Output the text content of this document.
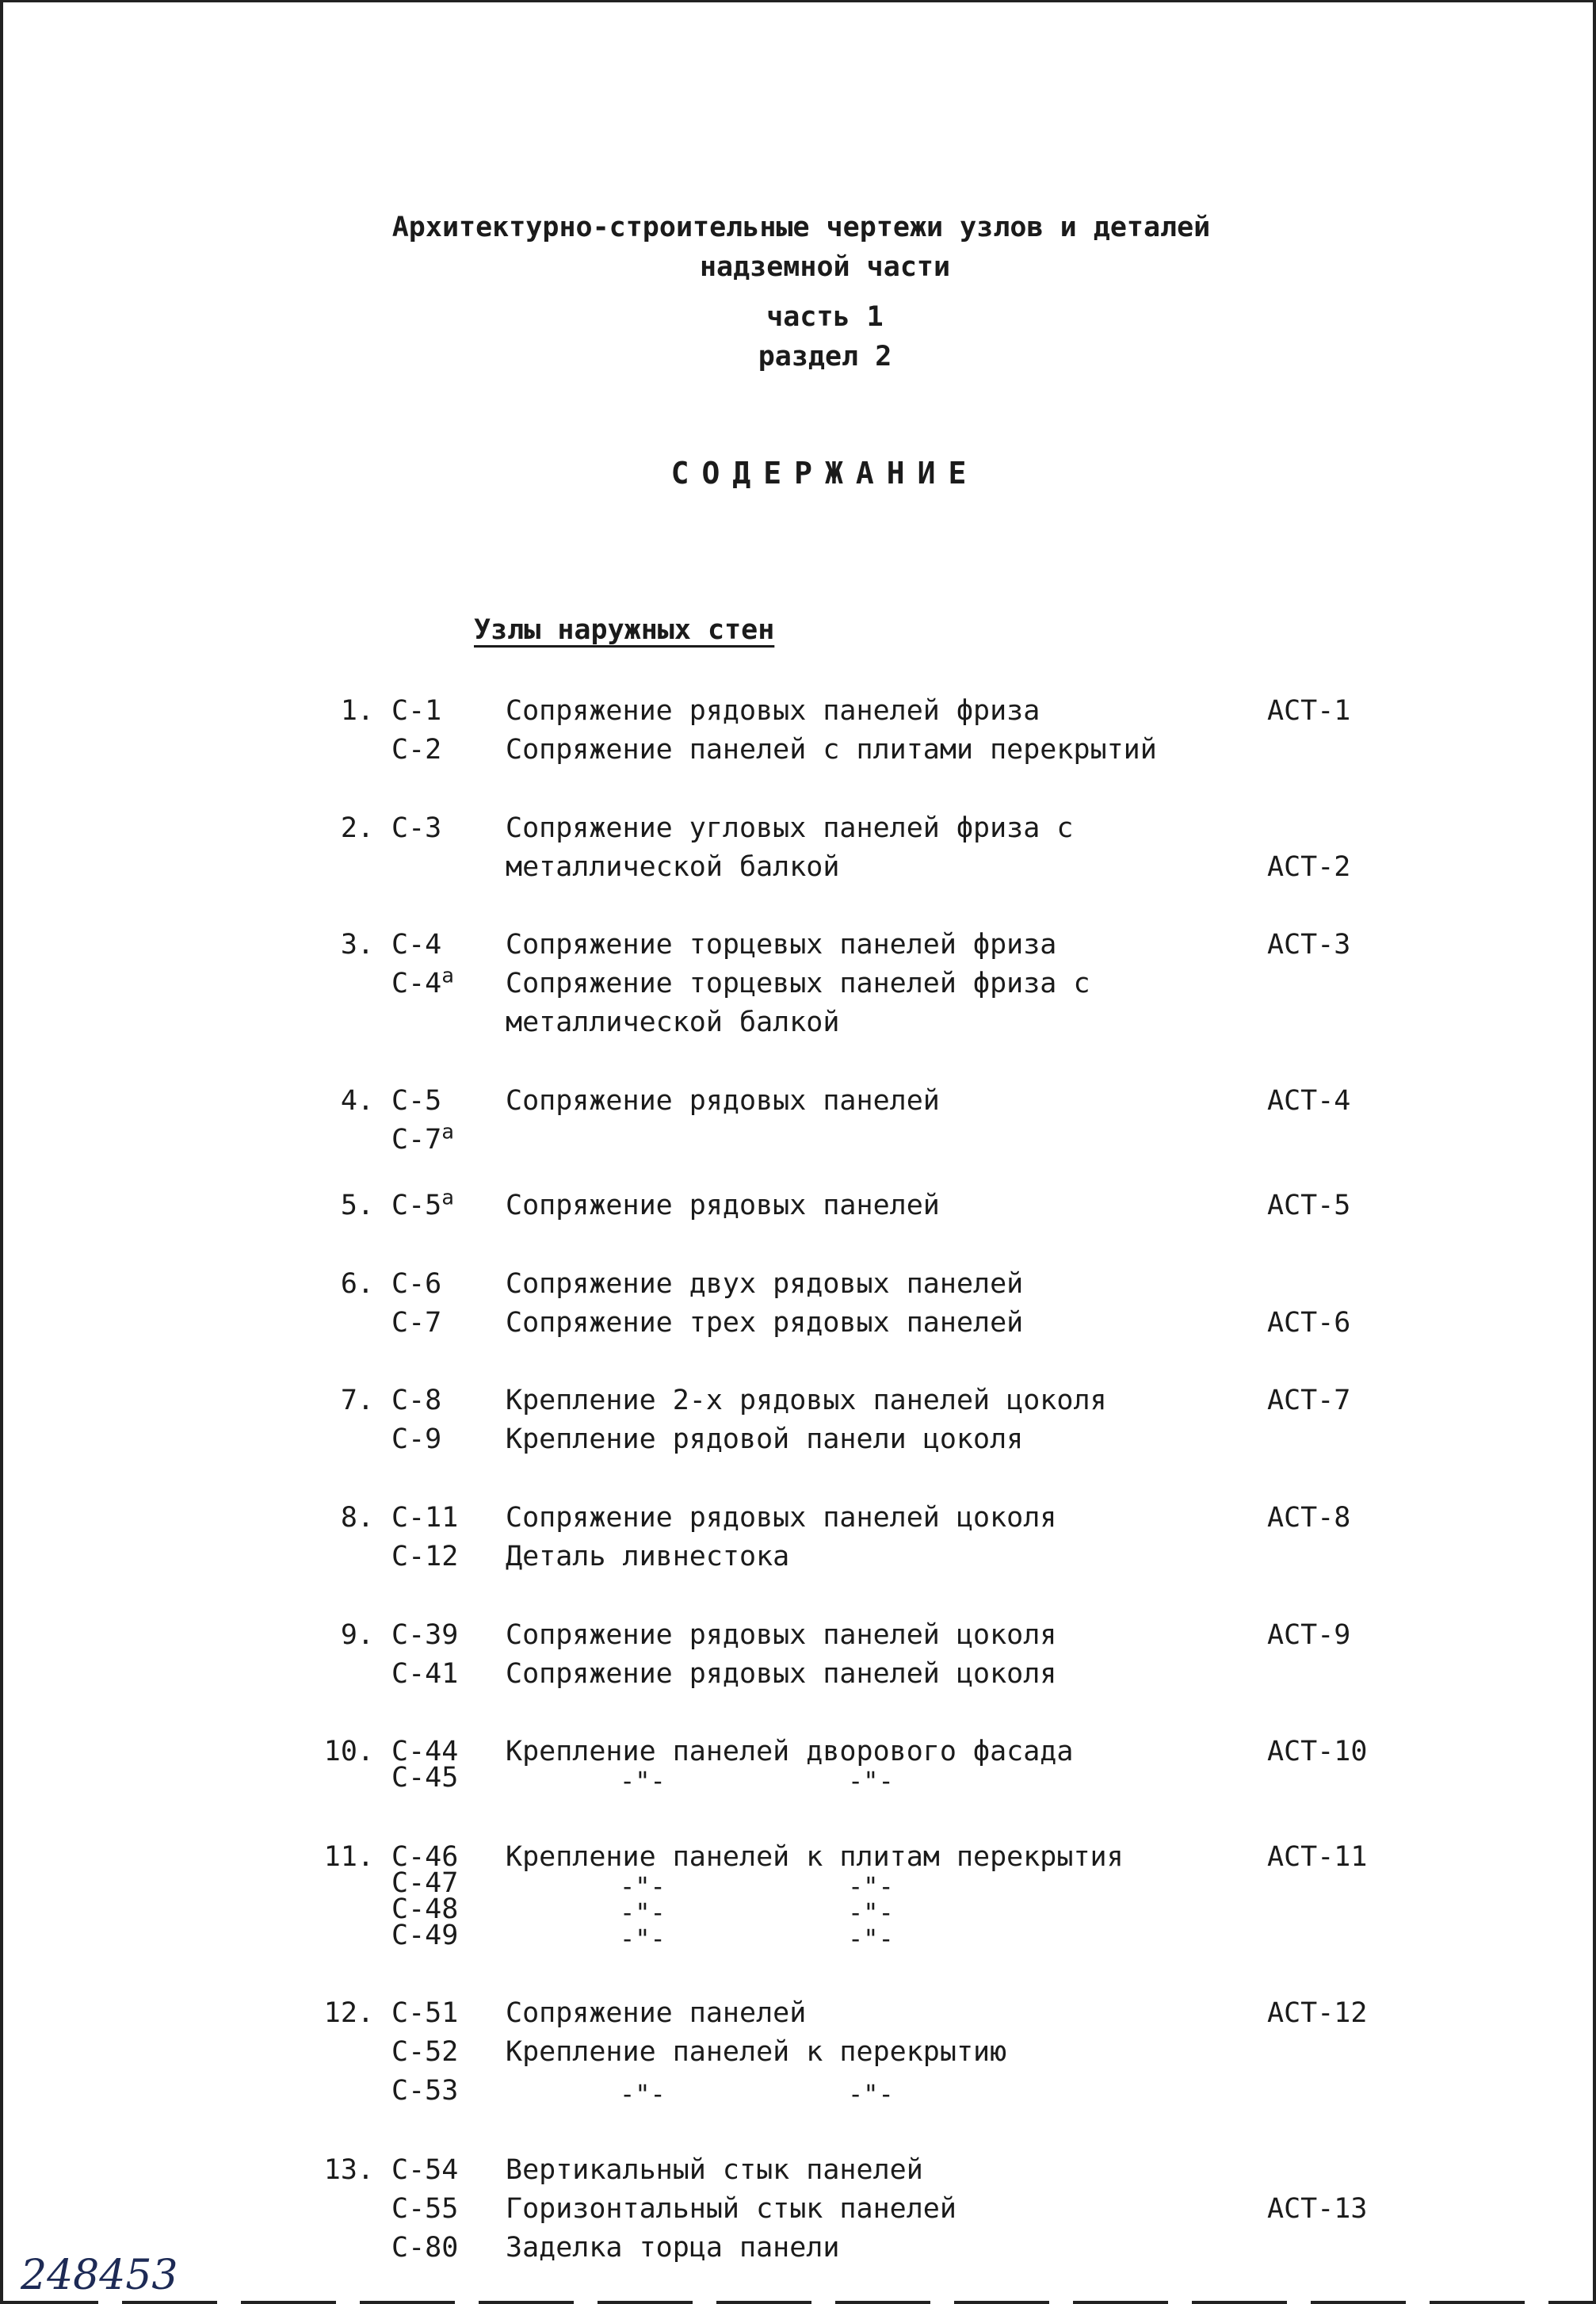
Архитектурно-строительные чертежи узлов и деталей
надземной части
часть 1
раздел 2
СОДЕРЖАНИЕ
Узлы наружных стен
1. С-1 Сопряжение рядовых панелей фриза	АСТ-1
С-2 Сопряжение панелей с плитами перекрытий
2. С-3 Сопряжение угловых панелей фриза с
металлической балкой	АСТ-2
3. С-4 Сопряжение торцевых панелей фриза	АСТ-3
$С-4^а$ Сопряжение торцевых панелей фриза с
металлической балкой
4. С-5 Сопряжение рядовых панелей	АСТ-4
$С-7^а$
5. $С-5^а$ Сопряжение рядовых панелей	АСТ-5
6. С-6 Сопряжение двух рядовых панелей
С-7 Сопряжение трех рядовых панелей	АСТ-6
7. С-8 Крепление 2-х рядовых панелей цоколя	АСТ-7
С-9 Крепление рядовой панели цоколя
8. С-11 Сопряжение рядовых панелей цоколя	АСТ-8
С-12 Деталь ливнестока
9. С-39 Сопряжение рядовых панелей цоколя	АСТ-9
С-41 Сопряжение рядовых панелей цоколя
10. С-44 Крепление панелей дворового фасада	АСТ-10
С-45	-"-	-"-
11. С-46 Крепление панелей к плитам перекрытия	АСТ-11
С-47	-"-	-"-
С-48	-"-	-"-
С-49	-"-	-"-
12. С-51 Сопряжение панелей	АСТ-12
С-52 Крепление панелей к перекрытию
С-53	-"-	-"-
13. С-54 Вертикальный стык панелей
С-55 Горизонтальный стык панелей	АСТ-13
С-80 Заделка торца панели
248453
